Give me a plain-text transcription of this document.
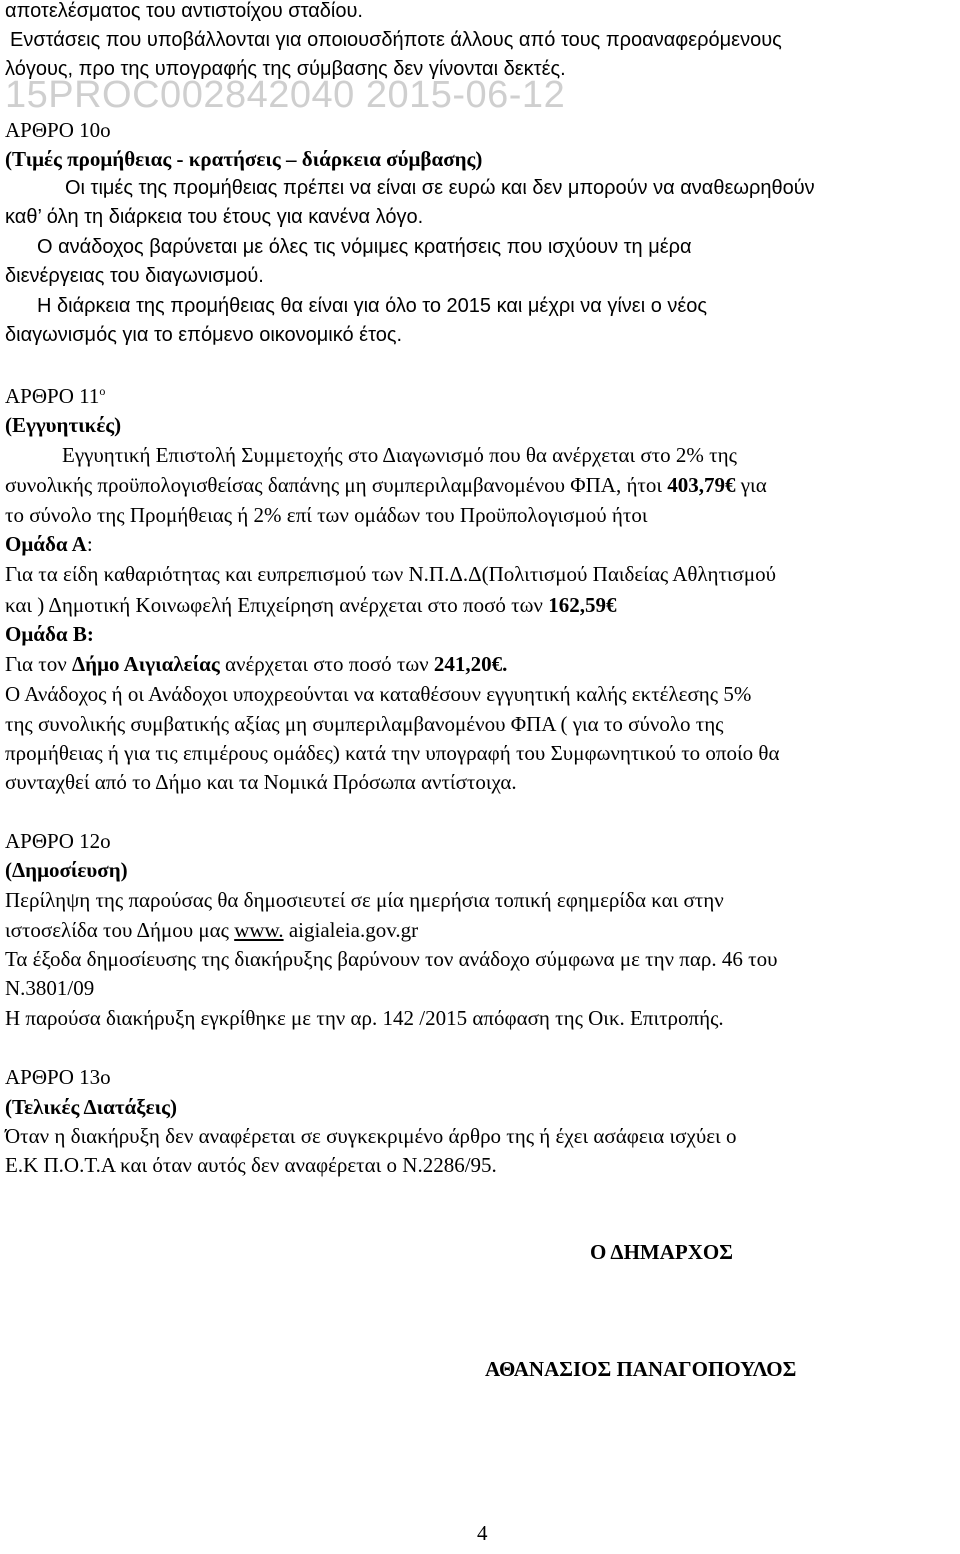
15PROC002842040 2015-06-12

αποτελέσματος του αντιστοίχου σταδίου.

Ενστάσεις που υποβάλλονται για οποιουσδήποτε άλλους από τους προαναφερόμενους

λόγους, προ της υπογραφής της σύμβασης δεν γίνονται δεκτές.

ΑΡΘΡΟ 10ο

(Τιμές προμήθειας - κρατήσεις – διάρκεια σύμβασης)

Οι τιμές της προμήθειας πρέπει να είναι σε ευρώ και δεν μπορούν να αναθεωρηθούν

καθ’ όλη τη διάρκεια του έτους για κανένα λόγο.

Ο ανάδοχος βαρύνεται με όλες τις νόμιμες κρατήσεις που ισχύουν τη μέρα

διενέργειας του διαγωνισμού.

Η διάρκεια της προμήθειας θα είναι για όλο το 2015 και μέχρι να γίνει ο νέος

διαγωνισμός για το επόμενο οικονομικό έτος.

ΑΡΘΡΟ $11^o$

(Εγγυητικές)

Εγγυητική Επιστολή Συμμετοχής στο Διαγωνισμό που θα ανέρχεται στο 2% της

συνολικής προϋπολογισθείσας δαπάνης μη συμπεριλαμβανομένου ΦΠΑ, ήτοι 403,79€ για

το σύνολο της Προμήθειας ή 2% επί των ομάδων του Προϋπολογισμού ήτοι

Ομάδα Α:

Για τα είδη καθαριότητας και ευπρεπισμού των Ν.Π.Δ.Δ(Πολιτισμού Παιδείας Αθλητισμού

και ) Δημοτική Κοινωφελή Επιχείρηση ανέρχεται στο ποσό των 162,59€

Ομάδα Β:

Για τον Δήμο Αιγιαλείας ανέρχεται στο ποσό των 241,20€.

Ο Ανάδοχος ή οι Ανάδοχοι υποχρεούνται να καταθέσουν εγγυητική καλής εκτέλεσης 5%

της συνολικής συμβατικής αξίας μη συμπεριλαμβανομένου ΦΠΑ ( για το σύνολο της

προμήθειας ή για τις επιμέρους ομάδες) κατά την υπογραφή του Συμφωνητικού το οποίο θα

συνταχθεί από το Δήμο και τα Νομικά Πρόσωπα αντίστοιχα.

ΑΡΘΡΟ 12ο

(Δημοσίευση)

Περίληψη της παρούσας θα δημοσιευτεί σε μία ημερήσια τοπική εφημερίδα και στην

ιστοσελίδα του Δήμου μας www. aigialeia.gov.gr

Τα έξοδα δημοσίευσης της διακήρυξης βαρύνουν τον ανάδοχο σύμφωνα με την παρ. 46 του

Ν.3801/09

Η παρούσα διακήρυξη εγκρίθηκε με την αρ. 142 /2015 απόφαση της Οικ. Επιτροπής.

ΑΡΘΡΟ 13ο

(Τελικές Διατάξεις)

Όταν η διακήρυξη δεν αναφέρεται σε συγκεκριμένο άρθρο της ή έχει ασάφεια ισχύει ο

Ε.Κ Π.Ο.Τ.Α και όταν αυτός δεν αναφέρεται ο Ν.2286/95.

Ο ΔΗΜΑΡΧΟΣ

ΑΘΑΝΑΣΙΟΣ ΠΑΝΑΓΟΠΟΥΛΟΣ

4
